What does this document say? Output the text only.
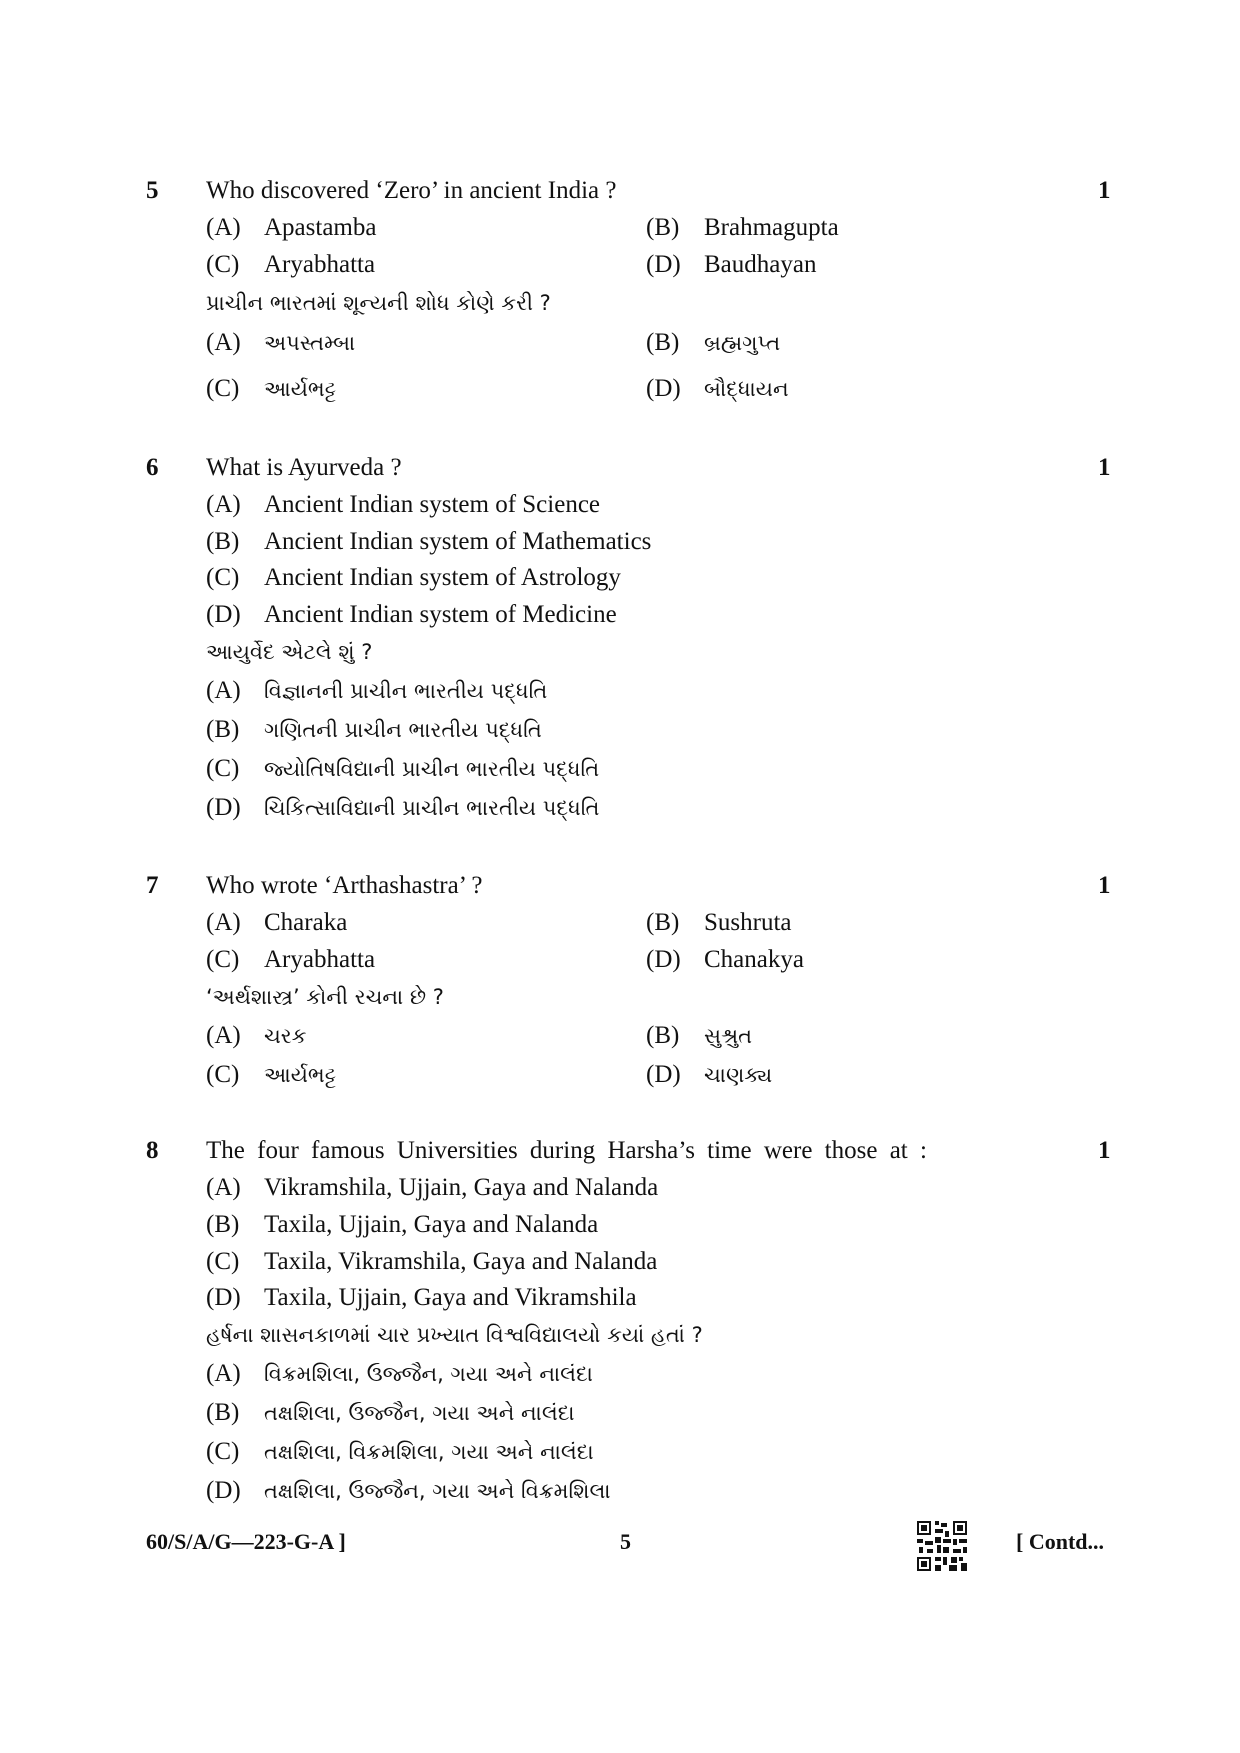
5 Who discovered ‘Zero’ in ancient India ?	1
(A) Apastamba	(B) Brahmagupta
(C) Aryabhatta	(D) Baudhayan
પ્રાચીન ભારતમાં શૂન્યની શોધ કોણે કરી ?
(A) અપસ્તમ્બા	(B) બ્રહ્મગુપ્ત
(C) આર્યભટ્ટ	(D) બૌદ્ધાયન
6 What is Ayurveda ?	1
(A) Ancient Indian system of Science
(B) Ancient Indian system of Mathematics
(C) Ancient Indian system of Astrology
(D) Ancient Indian system of Medicine
આયુર્વેદ એટલે શું ?
(A) વિજ્ઞાનની પ્રાચીન ભારતીય પદ્ધતિ
(B) ગણિતની પ્રાચીન ભારતીય પદ્ધતિ
(C) જ્યોતિષવિદ્યાની પ્રાચીન ભારતીય પદ્ધતિ
(D) ચિકિત્સાવિદ્યાની પ્રાચીન ભારતીય પદ્ધતિ
7 Who wrote ‘Arthashastra’ ?	1
(A) Charaka	(B) Sushruta
(C) Aryabhatta	(D) Chanakya
‘અર્થશાસ્ત્ર’ કોની રચના છે ?
(A) ચરક	(B) સુશ્રુત
(C) આર્યભટ્ટ	(D) ચાણક્ય
8 The four famous Universities during Harsha’s time were those at :	1
(A) Vikramshila, Ujjain, Gaya and Nalanda
(B) Taxila, Ujjain, Gaya and Nalanda
(C) Taxila, Vikramshila, Gaya and Nalanda
(D) Taxila, Ujjain, Gaya and Vikramshila
હર્ષના શાસનકાળમાં ચાર પ્રખ્યાત વિશ્વવિદ્યાલયો કયાં હતાં ?
(A) વિક્રમશિલા, ઉજ્જૈન, ગયા અને નાલંદા
(B) તક્ષશિલા, ઉજ્જૈન, ગયા અને નાલંદા
(C) તક્ષશિલા, વિક્રમશિલા, ગયા અને નાલંદા
(D) તક્ષશિલા, ઉજ્જૈન, ગયા અને વિક્રમશિલા
60/S/A/G—223-G-A ]	5	[ Contd...
